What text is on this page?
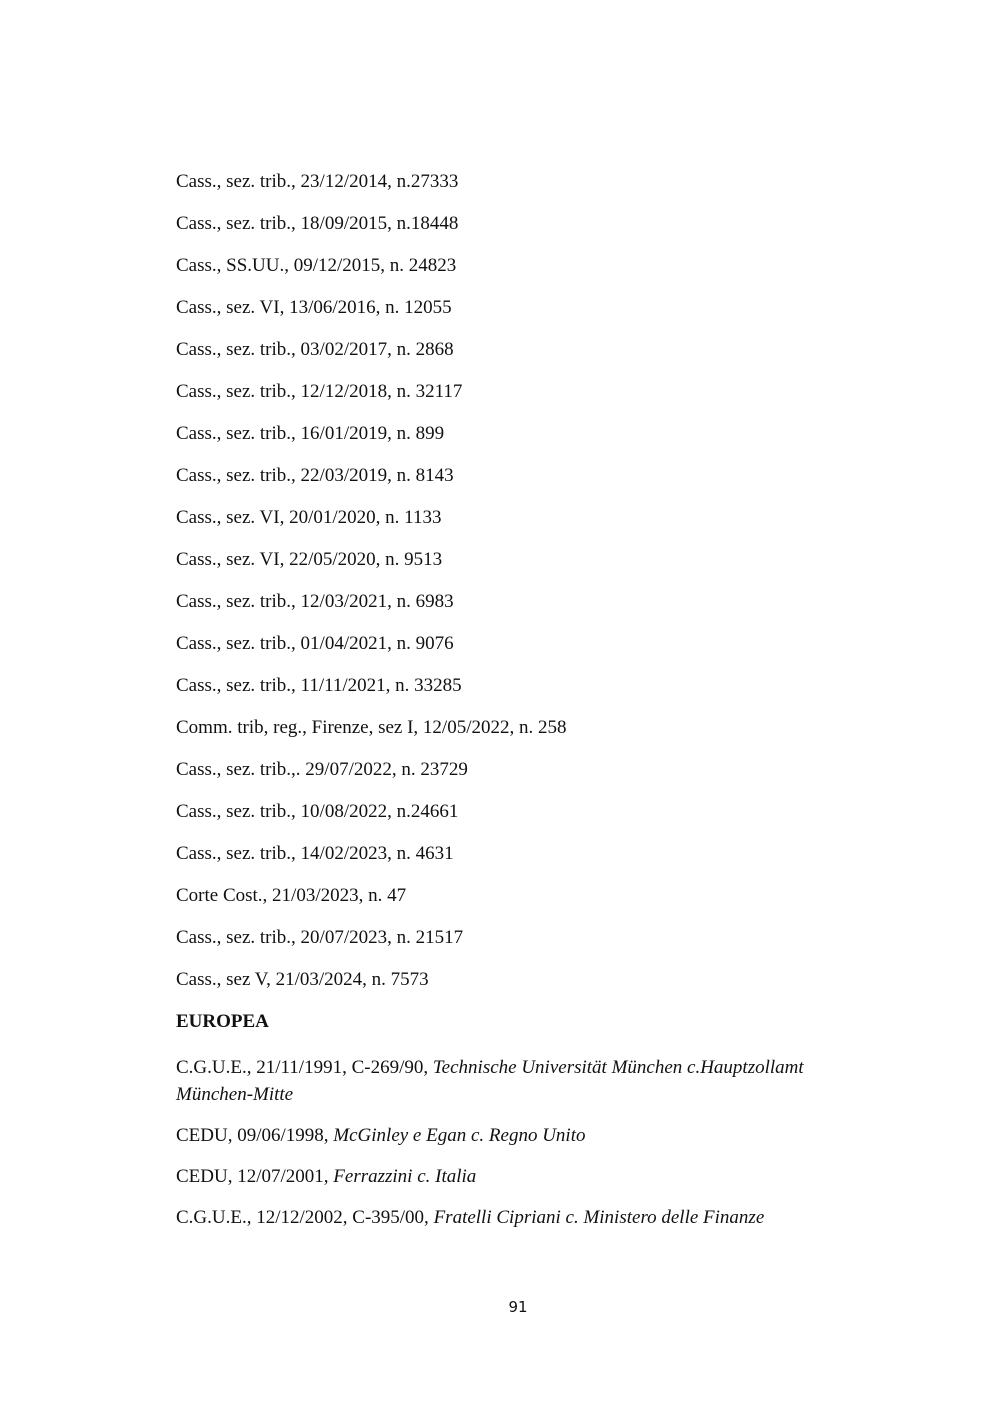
Cass., sez. trib., 23/12/2014, n.27333
Cass., sez. trib., 18/09/2015, n.18448
Cass., SS.UU., 09/12/2015, n. 24823
Cass., sez. VI, 13/06/2016, n. 12055
Cass., sez. trib., 03/02/2017, n. 2868
Cass., sez. trib., 12/12/2018, n. 32117
Cass., sez. trib., 16/01/2019, n. 899
Cass., sez. trib., 22/03/2019, n. 8143
Cass., sez. VI, 20/01/2020, n. 1133
Cass., sez. VI, 22/05/2020, n. 9513
Cass., sez. trib., 12/03/2021, n. 6983
Cass., sez. trib., 01/04/2021, n. 9076
Cass., sez. trib., 11/11/2021, n. 33285
Comm. trib, reg., Firenze, sez I, 12/05/2022, n. 258
Cass., sez. trib.,. 29/07/2022, n. 23729
Cass., sez. trib., 10/08/2022, n.24661
Cass., sez. trib., 14/02/2023, n. 4631
Corte Cost., 21/03/2023, n. 47
Cass., sez. trib., 20/07/2023, n. 21517
Cass., sez V, 21/03/2024, n. 7573
EUROPEA
C.G.U.E., 21/11/1991, C-269/90, Technische Universität München c.Hauptzollamt München-Mitte
CEDU, 09/06/1998, McGinley e Egan c. Regno Unito
CEDU, 12/07/2001, Ferrazzini c. Italia
C.G.U.E., 12/12/2002, C-395/00, Fratelli Cipriani c. Ministero delle Finanze
91
